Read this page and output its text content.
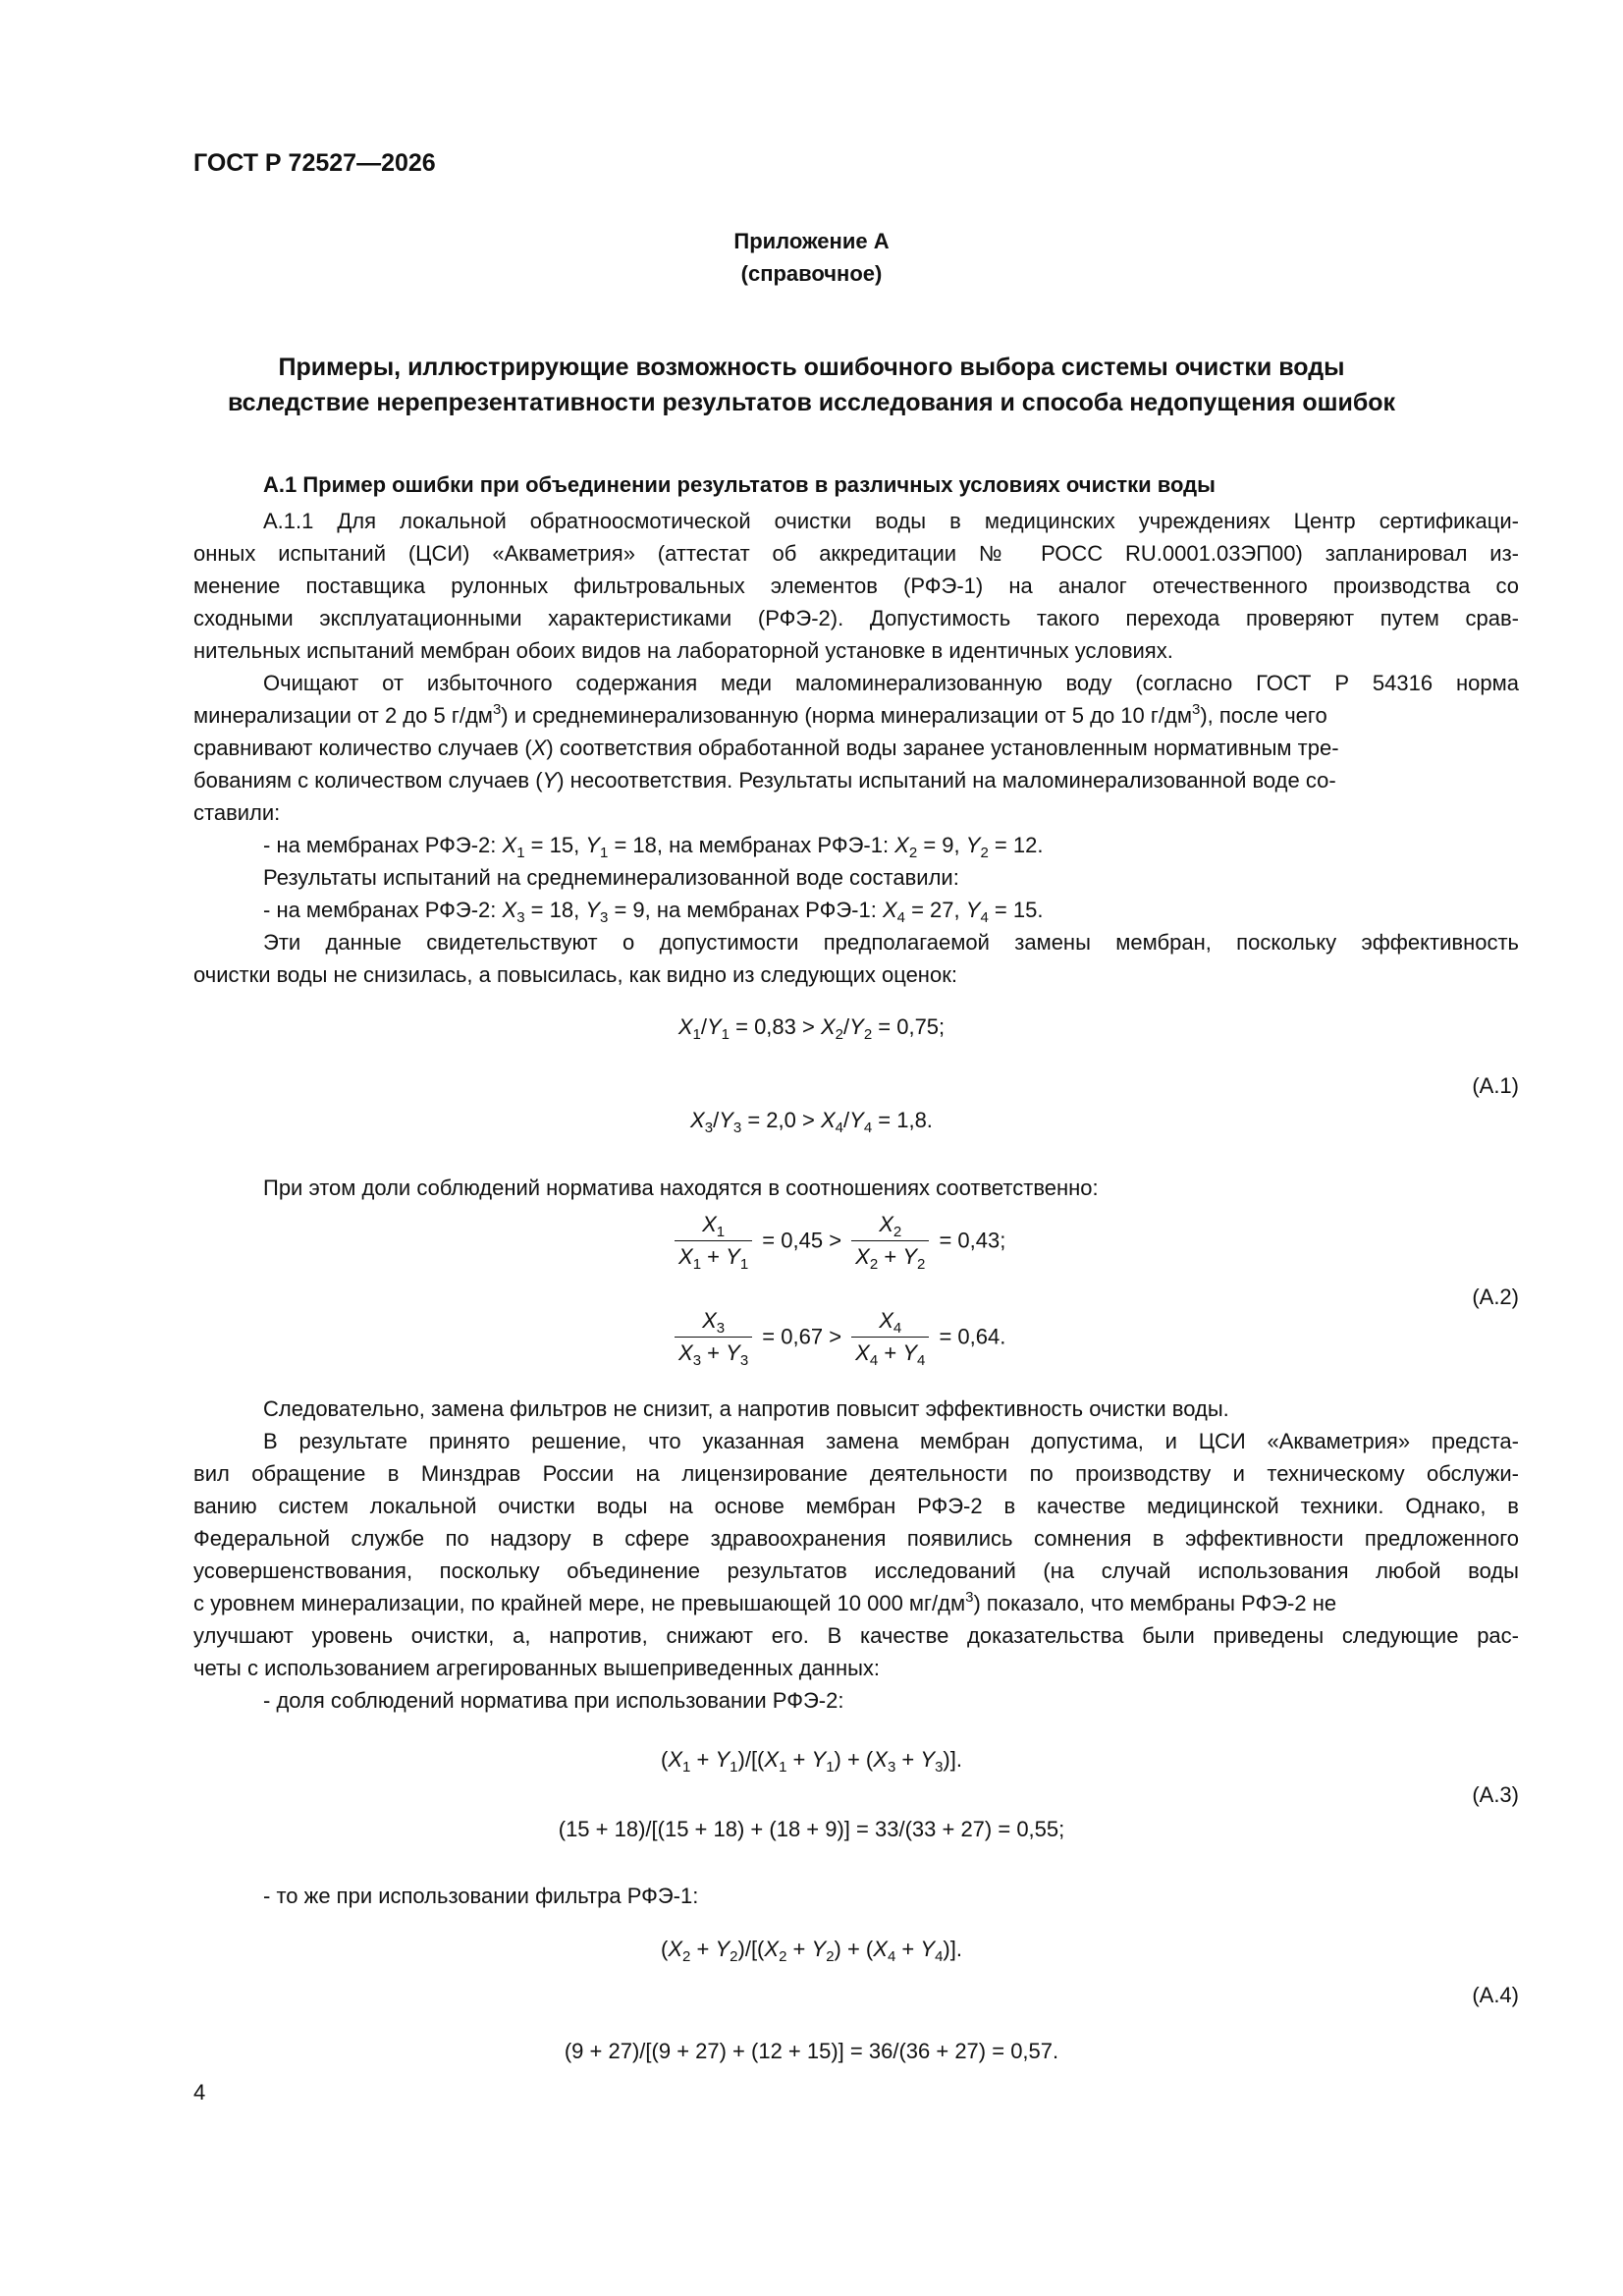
ГОСТ Р 72527—2026
Приложение А
(справочное)
Примеры, иллюстрирующие возможность ошибочного выбора системы очистки воды
вследствие нерепрезентативности результатов исследования и способа недопущения ошибок
А.1 Пример ошибки при объединении результатов в различных условиях очистки воды
А.1.1 Для локальной обратноосмотической очистки воды в медицинских учреждениях Центр сертификаци-
онных испытаний (ЦСИ) «Акваметрия» (аттестат об аккредитации № РОСС RU.0001.03ЭП00) запланировал из-
менение поставщика рулонных фильтровальных элементов (РФЭ-1) на аналог отечественного производства со
сходными эксплуатационными характеристиками (РФЭ-2). Допустимость такого перехода проверяют путем срав-
нительных испытаний мембран обоих видов на лабораторной установке в идентичных условиях.
Очищают от избыточного содержания меди маломинерализованную воду (согласно ГОСТ Р 54316 норма
минерализации от 2 до 5 $г/дм^3$) и среднеминерализованную (норма минерализации от 5 до 10 $г/дм^3$), после чего
сравнивают количество случаев (X) соответствия обработанной воды заранее установленным нормативным тре-
бованиям с количеством случаев (Y) несоответствия. Результаты испытаний на маломинерализованной воде со-
ставили:
- на мембранах РФЭ-2: $X_1 = 15$, $Y_1 = 18$, на мембранах РФЭ-1: $X_2 = 9$, $Y_2 = 12$.
Результаты испытаний на среднеминерализованной воде составили:
- на мембранах РФЭ-2: $X_3 = 18$, $Y_3 = 9$, на мембранах РФЭ-1: $X_4 = 27$, $Y_4 = 15$.
Эти данные свидетельствуют о допустимости предполагаемой замены мембран, поскольку эффективность
очистки воды не снизилась, а повысилась, как видно из следующих оценок:
$X_1/Y_1 = 0,83 > X_2/Y_2 = 0,75$;
(А.1)
$X_3/Y_3 = 2,0 > X_4/Y_4 = 1,8$.
При этом доли соблюдений норматива находятся в соотношениях соответственно:
$\frac{X_1}{X_1 + Y_1} = 0,45 > \frac{X_2}{X_2 + Y_2} = 0,43$;
(А.2)
$\frac{X_3}{X_3 + Y_3} = 0,67 > \frac{X_4}{X_4 + Y_4} = 0,64$.
Следовательно, замена фильтров не снизит, а напротив повысит эффективность очистки воды.
В результате принято решение, что указанная замена мембран допустима, и ЦСИ «Акваметрия» предста-
вил обращение в Минздрав России на лицензирование деятельности по производству и техническому обслужи-
ванию систем локальной очистки воды на основе мембран РФЭ-2 в качестве медицинской техники. Однако, в
Федеральной службе по надзору в сфере здравоохранения появились сомнения в эффективности предложенного
усовершенствования, поскольку объединение результатов исследований (на случай использования любой воды
с уровнем минерализации, по крайней мере, не превышающей 10 000 $мг/дм^3$) показало, что мембраны РФЭ-2 не
улучшают уровень очистки, а, напротив, снижают его. В качестве доказательства были приведены следующие рас-
четы с использованием агрегированных вышеприведенных данных:
- доля соблюдений норматива при использовании РФЭ-2:
$(X_1 + Y_1)/[(X_1 + Y_1) + (X_3 + Y_3)]$.
(А.3)
(15 + 18)/[(15 + 18) + (18 + 9)] = 33/(33 + 27) = 0,55;
- то же при использовании фильтра РФЭ-1:
$(X_2 + Y_2)/[(X_2 + Y_2) + (X_4 + Y_4)]$.
(А.4)
(9 + 27)/[(9 + 27) + (12 + 15)] = 36/(36 + 27) = 0,57.
4
